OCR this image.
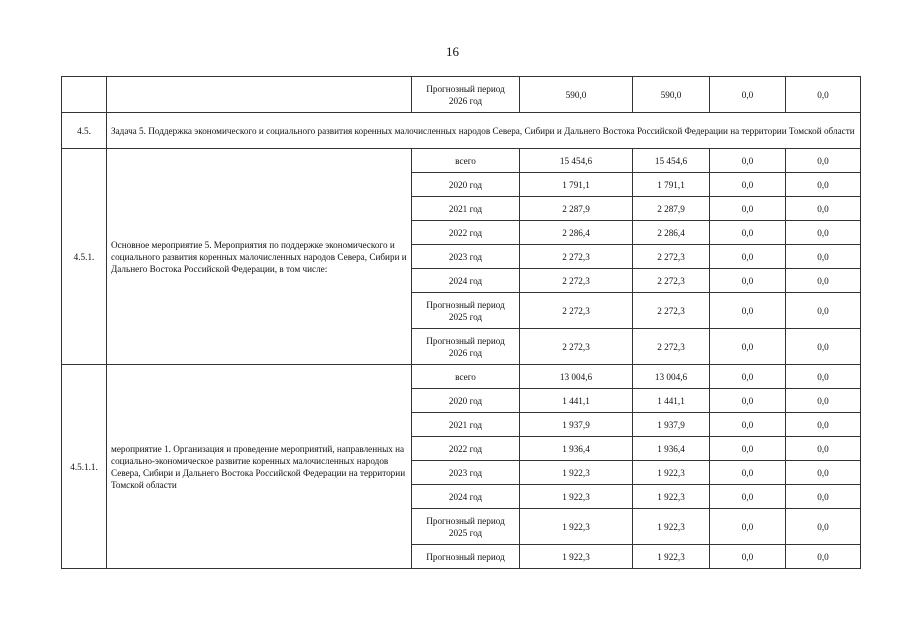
16
		Прогнозный период
2026 год	590,0	590,0	0,0	0,0
4.5.	Задача 5. Поддержка экономического и социального развития коренных малочисленных народов Севера, Сибири и Дальнего Востока Российской Федерации на территории Томской области					
4.5.1.	Основное мероприятие 5. Мероприятия по поддержке экономического и социального развития коренных малочисленных народов Севера, Сибири и Дальнего Востока Российской Федерации, в том числе:	всего	15 454,6	15 454,6	0,0	0,0
		2020 год	1 791,1	1 791,1	0,0	0,0
		2021 год	2 287,9	2 287,9	0,0	0,0
		2022 год	2 286,4	2 286,4	0,0	0,0
		2023 год	2 272,3	2 272,3	0,0	0,0
		2024 год	2 272,3	2 272,3	0,0	0,0
		Прогнозный период
2025 год	2 272,3	2 272,3	0,0	0,0
		Прогнозный период
2026 год	2 272,3	2 272,3	0,0	0,0
4.5.1.1.	мероприятие 1. Организация и проведение мероприятий, направленных на социально-экономическое развитие коренных малочисленных народов Севера, Сибири и Дальнего Востока Российской Федерации на территории Томской области	всего	13 004,6	13 004,6	0,0	0,0
		2020 год	1 441,1	1 441,1	0,0	0,0
		2021 год	1 937,9	1 937,9	0,0	0,0
		2022 год	1 936,4	1 936,4	0,0	0,0
		2023 год	1 922,3	1 922,3	0,0	0,0
		2024 год	1 922,3	1 922,3	0,0	0,0
		Прогнозный период
2025 год	1 922,3	1 922,3	0,0	0,0
		Прогнозный период	1 922,3	1 922,3	0,0	0,0
